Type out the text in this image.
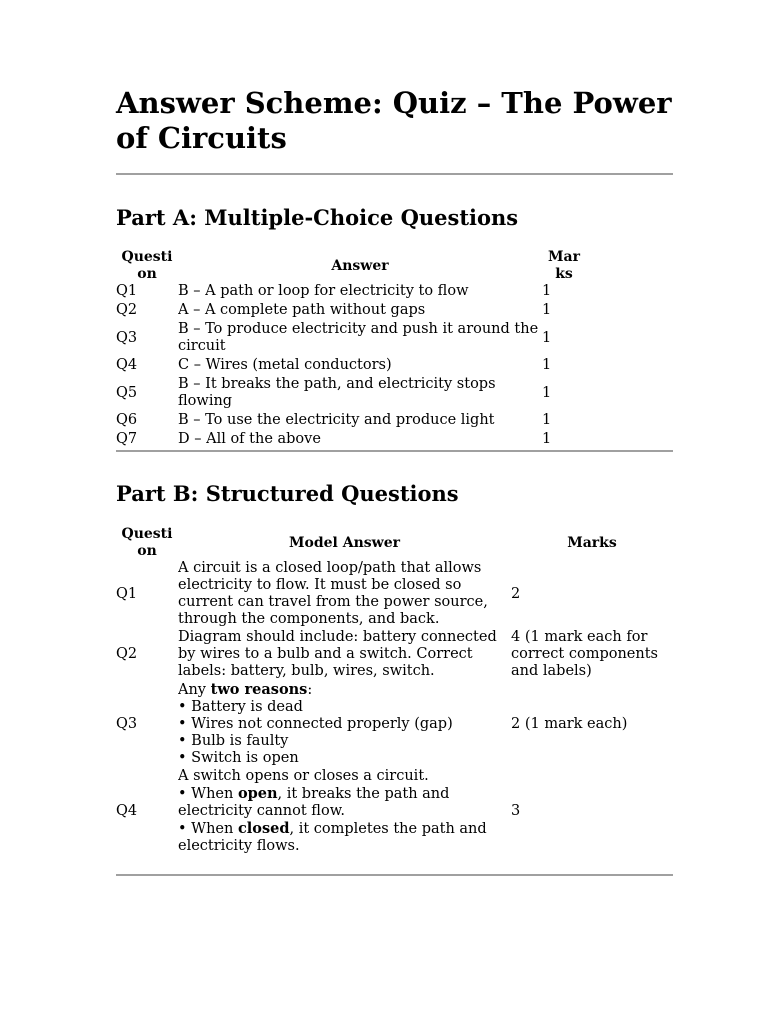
Answer Scheme: Quiz – The Power of Circuits
Part A: Multiple-Choice Questions
Questi on	Answer	Mar ks
Q1	B – A path or loop for electricity to flow	1
Q2	A – A complete path without gaps	1
Q3	B – To produce electricity and push it around the circuit	1
Q4	C – Wires (metal conductors)	1
Q5	B – It breaks the path, and electricity stops flowing	1
Q6	B – To use the electricity and produce light	1
Q7	D – All of the above	1
Part B: Structured Questions
Questi on	Model Answer	Marks
Q1	A circuit is a closed loop/path that allows electricity to flow. It must be closed so current can travel from the power source, through the components, and back.	2
Q2	Diagram should include: battery connected by wires to a bulb and a switch. Correct labels: battery, bulb, wires, switch.	4 (1 mark each for correct components and labels)
Q3	Any two reasons:
• Battery is dead
• Wires not connected properly (gap)
• Bulb is faulty
• Switch is open	2 (1 mark each)
Q4	A switch opens or closes a circuit.
• When open, it breaks the path and electricity cannot flow.
• When closed, it completes the path and electricity flows.	3
